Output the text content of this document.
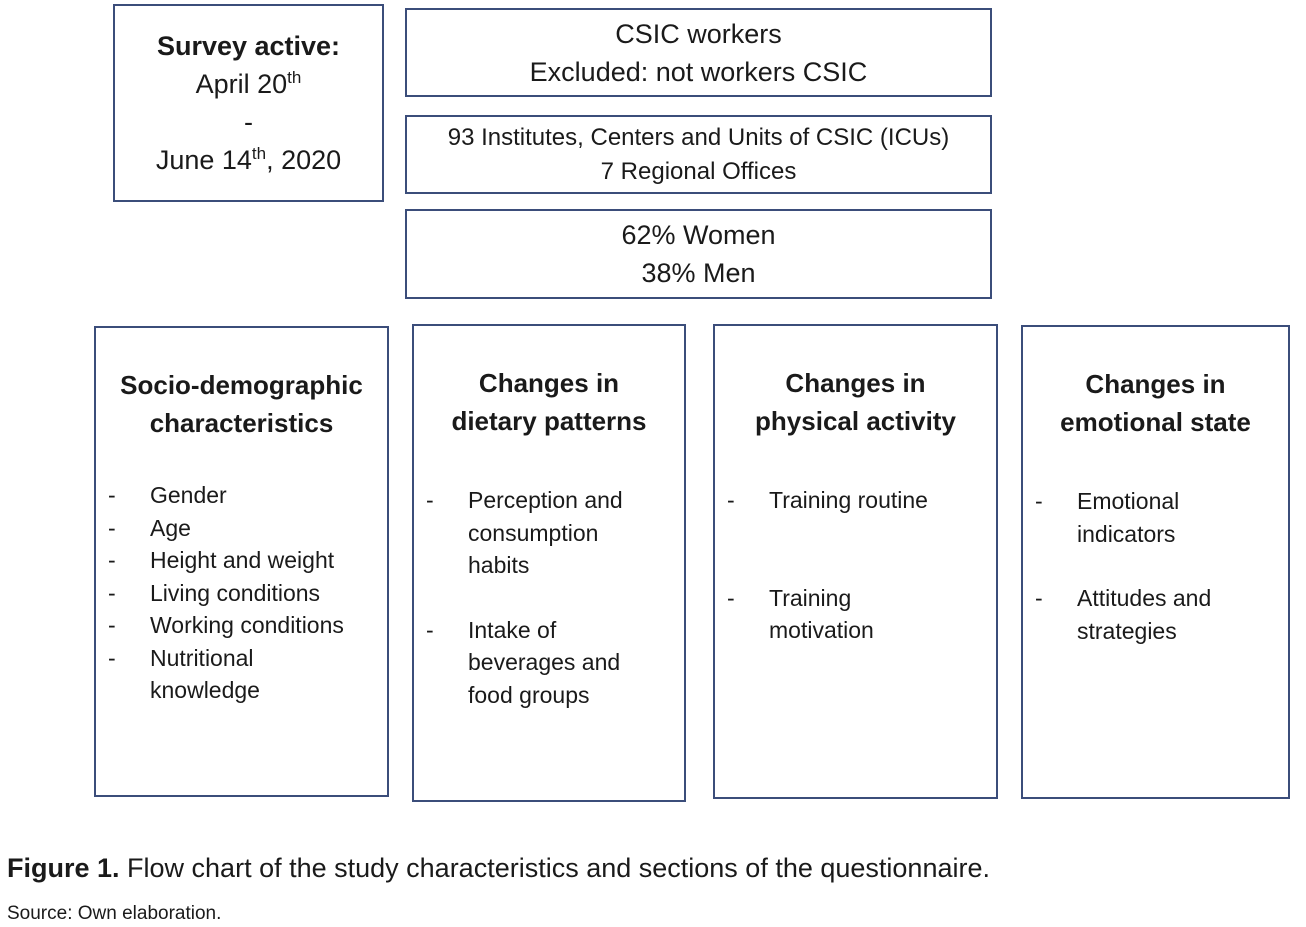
Survey active:
April 20th
-
June 14th, 2020
CSIC workers
Excluded: not workers CSIC
93 Institutes, Centers and Units of CSIC (ICUs)
7 Regional Offices
62% Women
38% Men
Socio-demographic
characteristics
- Gender
- Age
- Height and weight
- Living conditions
- Working conditions
- Nutritional knowledge
Changes in
dietary patterns
- Perception and consumption habits
- Intake of beverages and food groups
Changes in
physical activity
- Training routine
- Training motivation
Changes in
emotional state
- Emotional indicators
- Attitudes and strategies
Figure 1. Flow chart of the study characteristics and sections of the questionnaire.
Source: Own elaboration.
